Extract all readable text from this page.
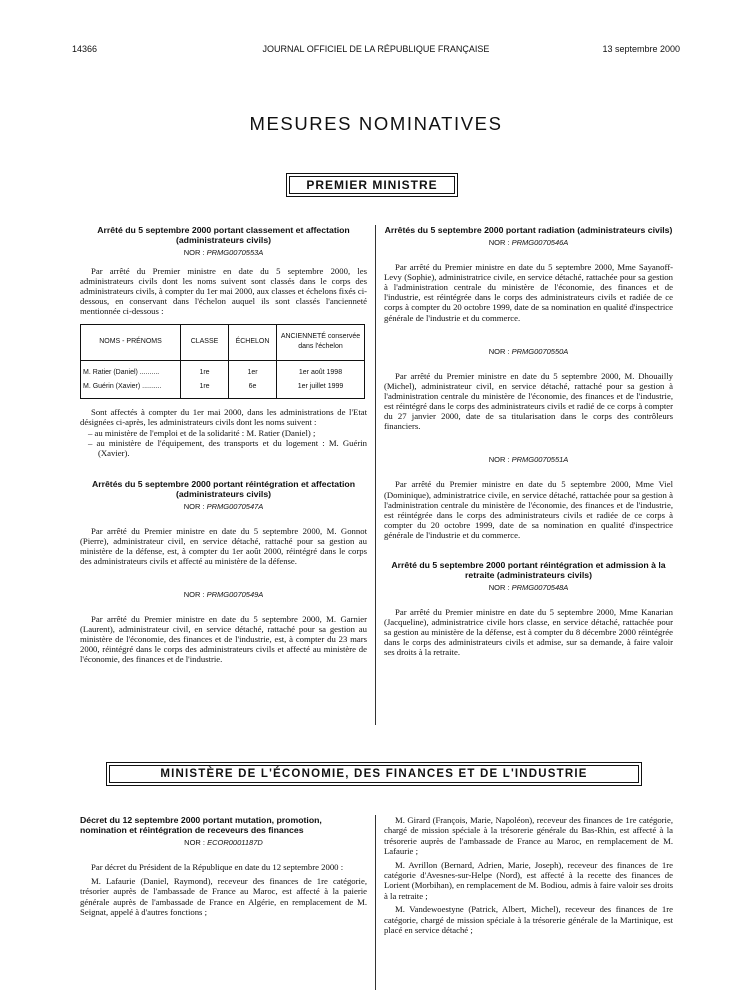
14366	JOURNAL OFFICIEL DE LA RÉPUBLIQUE FRANÇAISE	13 septembre 2000
MESURES NOMINATIVES
PREMIER MINISTRE
Arrêté du 5 septembre 2000 portant classement et affectation (administrateurs civils)
NOR : PRMG0070553A
Par arrêté du Premier ministre en date du 5 septembre 2000, les administrateurs civils dont les noms suivent sont classés dans le corps des administrateurs civils, à compter du 1er mai 2000, aux classes et échelons fixés ci-dessous, en conservant dans l'échelon auquel ils sont classés l'ancienneté mentionnée ci-dessous :
NOMS - PRÉNOMS	CLASSE	ÉCHELON	ANCIENNETÉ conservée dans l'échelon

M. Ratier (Daniel) ..........	1re	1er	1er août 1998
M. Guérin (Xavier) ..........	1re	6e	1er juillet 1999
Sont affectés à compter du 1er mai 2000, dans les administrations de l'Etat désignées ci-après, les administrateurs civils dont les noms suivent :
– au ministère de l'emploi et de la solidarité : M. Ratier (Daniel) ;
– au ministère de l'équipement, des transports et du logement : M. Guérin (Xavier).
Arrêtés du 5 septembre 2000 portant réintégration et affectation (administrateurs civils)
NOR : PRMG0070547A
Par arrêté du Premier ministre en date du 5 septembre 2000, M. Gonnot (Pierre), administrateur civil, en service détaché, rattaché pour sa gestion au ministère de la défense, est, à compter du 1er août 2000, réintégré dans le corps des administrateurs civils et affecté au ministère de la défense.
NOR : PRMG0070549A
Par arrêté du Premier ministre en date du 5 septembre 2000, M. Garnier (Laurent), administrateur civil, en service détaché, rattaché pour sa gestion au ministère de l'économie, des finances et de l'industrie, est, à compter du 23 mars 2000, réintégré dans le corps des administrateurs civils et affecté au ministère de l'économie, des finances et de l'industrie.
Arrêtés du 5 septembre 2000 portant radiation (administrateurs civils)
NOR : PRMG0070546A
Par arrêté du Premier ministre en date du 5 septembre 2000, Mme Sayanoff-Levy (Sophie), administratrice civile, en service détaché, rattachée pour sa gestion à l'administration centrale du ministère de l'économie, des finances et de l'industrie, est réintégrée dans le corps des administrateurs civils et radiée de ce corps à compter du 20 octobre 1999, date de sa nomination en qualité d'inspectrice générale de l'industrie et du commerce.
NOR : PRMG0070550A
Par arrêté du Premier ministre en date du 5 septembre 2000, M. Dhouailly (Michel), administrateur civil, en service détaché, rattaché pour sa gestion à l'administration centrale du ministère de l'économie, des finances et de l'industrie, est réintégré dans le corps des administrateurs civils et radié de ce corps à compter du 27 janvier 2000, date de sa titularisation dans le corps des contrôleurs financiers.
NOR : PRMG0070551A
Par arrêté du Premier ministre en date du 5 septembre 2000, Mme Viel (Dominique), administratrice civile, en service détaché, rattachée pour sa gestion à l'administration centrale du ministère de l'économie, des finances et de l'industrie, est réintégrée dans le corps des administrateurs civils et radiée de ce corps à compter du 20 octobre 1999, date de sa nomination en qualité d'inspectrice générale de l'industrie et du commerce.
Arrêté du 5 septembre 2000 portant réintégration et admission à la retraite (administrateurs civils)
NOR : PRMG0070548A
Par arrêté du Premier ministre en date du 5 septembre 2000, Mme Kanarian (Jacqueline), administratrice civile hors classe, en service détaché, rattachée pour sa gestion au ministère de la défense, est à compter du 8 décembre 2000 réintégrée dans le corps des administrateurs civils et admise, sur sa demande, à faire valoir ses droits à la retraite.
MINISTÈRE DE L'ÉCONOMIE, DES FINANCES ET DE L'INDUSTRIE
Décret du 12 septembre 2000 portant mutation, promotion, nomination et réintégration de receveurs des finances
NOR : ECOR0001187D
Par décret du Président de la République en date du 12 septembre 2000 :
M. Lafaurie (Daniel, Raymond), receveur des finances de 1re catégorie, trésorier auprès de l'ambassade de France au Maroc, est affecté à la paierie générale auprès de l'ambassade de France en Algérie, en remplacement de M. Seignat, appelé à d'autres fonctions ;
M. Girard (François, Marie, Napoléon), receveur des finances de 1re catégorie, chargé de mission spéciale à la trésorerie générale du Bas-Rhin, est affecté à la trésorerie auprès de l'ambassade de France au Maroc, en remplacement de M. Lafaurie ;
M. Avrillon (Bernard, Adrien, Marie, Joseph), receveur des finances de 1re catégorie d'Avesnes-sur-Helpe (Nord), est affecté à la recette des finances de Lorient (Morbihan), en remplacement de M. Bodiou, admis à faire valoir ses droits à la retraite ;
M. Vandewoestyne (Patrick, Albert, Michel), receveur des finances de 1re catégorie, chargé de mission spéciale à la trésorerie générale de la Martinique, est placé en service détaché ;
